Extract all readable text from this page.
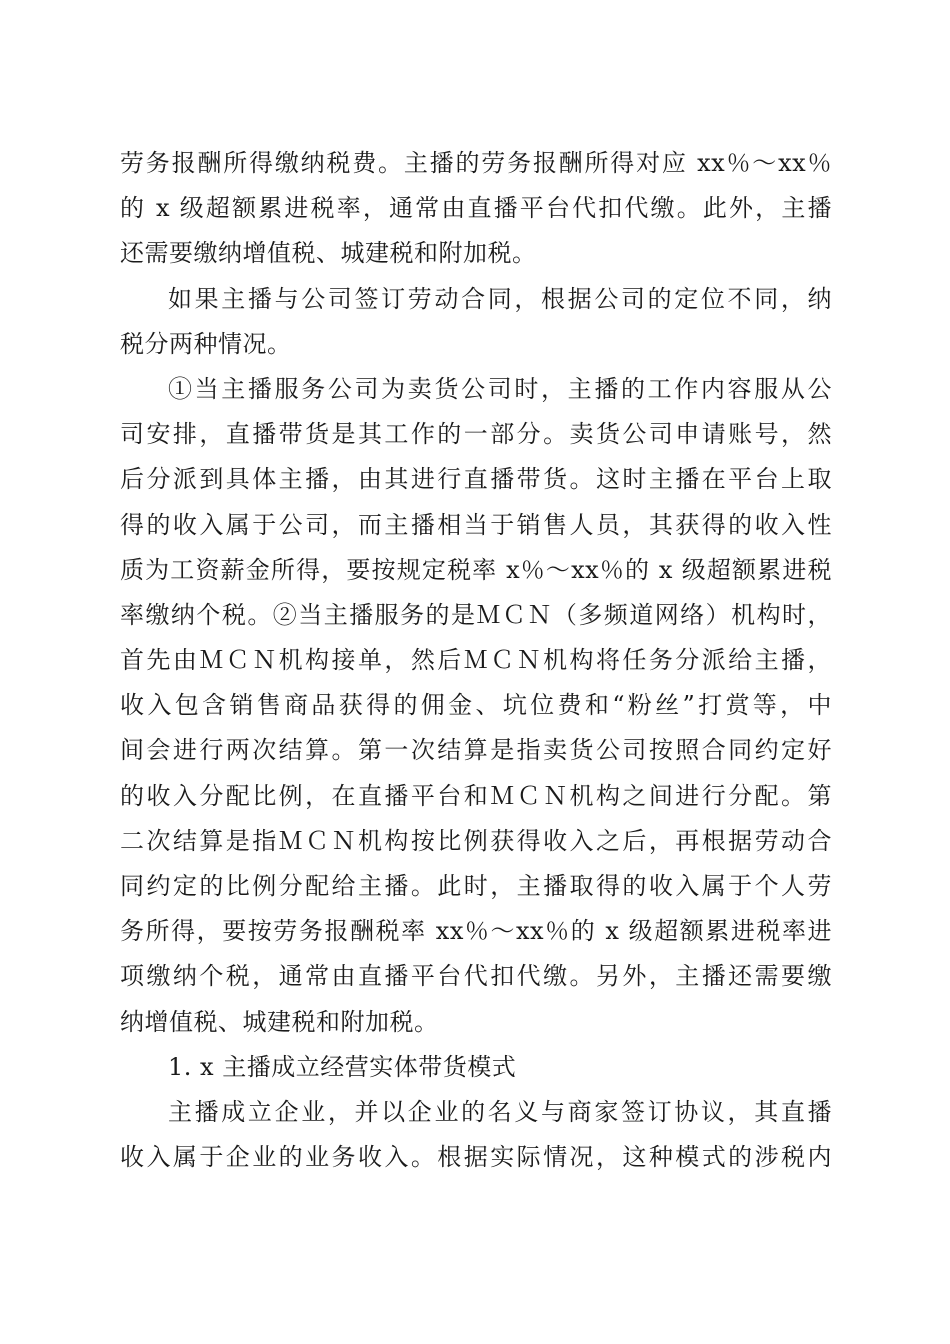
劳务报酬所得缴纳税费。主播的劳务报酬所得对应 xx％～xx％
的 x 级超额累进税率，通常由直播平台代扣代缴。此外，主播
还需要缴纳增值税、城建税和附加税。
如果主播与公司签订劳动合同，根据公司的定位不同，纳
税分两种情况。
①当主播服务公司为卖货公司时，主播的工作内容服从公
司安排，直播带货是其工作的一部分。卖货公司申请账号，然
后分派到具体主播，由其进行直播带货。这时主播在平台上取
得的收入属于公司，而主播相当于销售人员，其获得的收入性
质为工资薪金所得，要按规定税率 x％～xx％的 x 级超额累进税
率缴纳个税。②当主播服务的是ＭＣＮ（多频道网络）机构时，
首先由ＭＣＮ机构接单，然后ＭＣＮ机构将任务分派给主播，
收入包含销售商品获得的佣金、坑位费和“粉丝”打赏等，中
间会进行两次结算。第一次结算是指卖货公司按照合同约定好
的收入分配比例，在直播平台和ＭＣＮ机构之间进行分配。第
二次结算是指ＭＣＮ机构按比例获得收入之后，再根据劳动合
同约定的比例分配给主播。此时，主播取得的收入属于个人劳
务所得，要按劳务报酬税率 xx％～xx％的 x 级超额累进税率进
项缴纳个税，通常由直播平台代扣代缴。另外，主播还需要缴
纳增值税、城建税和附加税。
1. x 主播成立经营实体带货模式
主播成立企业，并以企业的名义与商家签订协议，其直播
收入属于企业的业务收入。根据实际情况，这种模式的涉税内
